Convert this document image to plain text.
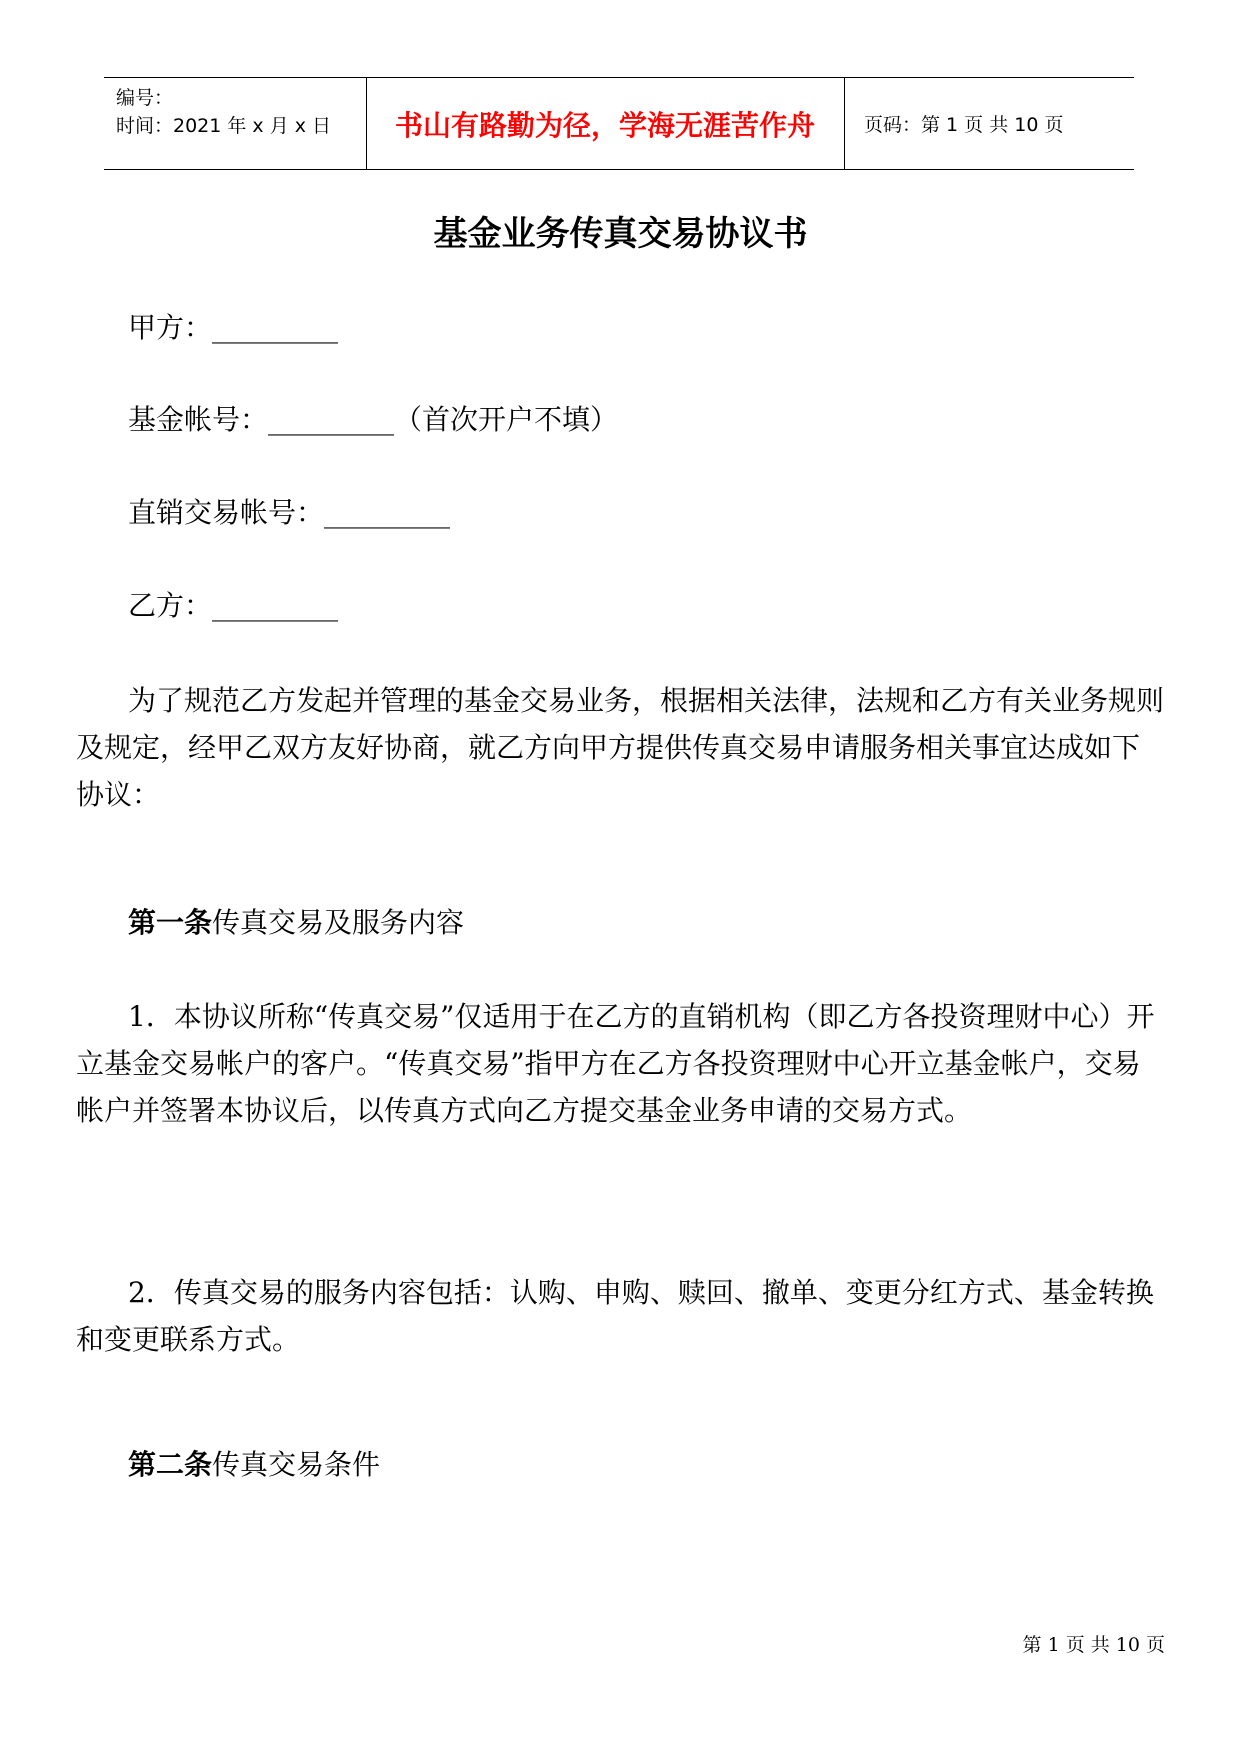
编号：
时间：2021 年 x 月 x 日	书山有路勤为径，学海无涯苦作舟	页码：第 1 页 共 10 页
基金业务传真交易协议书
甲方：_________
基金帐号：_________（首次开户不填）
直销交易帐号：_________
乙方：_________
为了规范乙方发起并管理的基金交易业务，根据相关法律，法规和乙方有关业务规则及规定，经甲乙双方友好协商，就乙方向甲方提供传真交易申请服务相关事宜达成如下协议：
第一条传真交易及服务内容
1．本协议所称“传真交易”仅适用于在乙方的直销机构（即乙方各投资理财中心）开立基金交易帐户的客户。“传真交易”指甲方在乙方各投资理财中心开立基金帐户，交易帐户并签署本协议后，以传真方式向乙方提交基金业务申请的交易方式。
2．传真交易的服务内容包括：认购、申购、赎回、撤单、变更分红方式、基金转换和变更联系方式。
第二条传真交易条件
第 1 页 共 10 页
